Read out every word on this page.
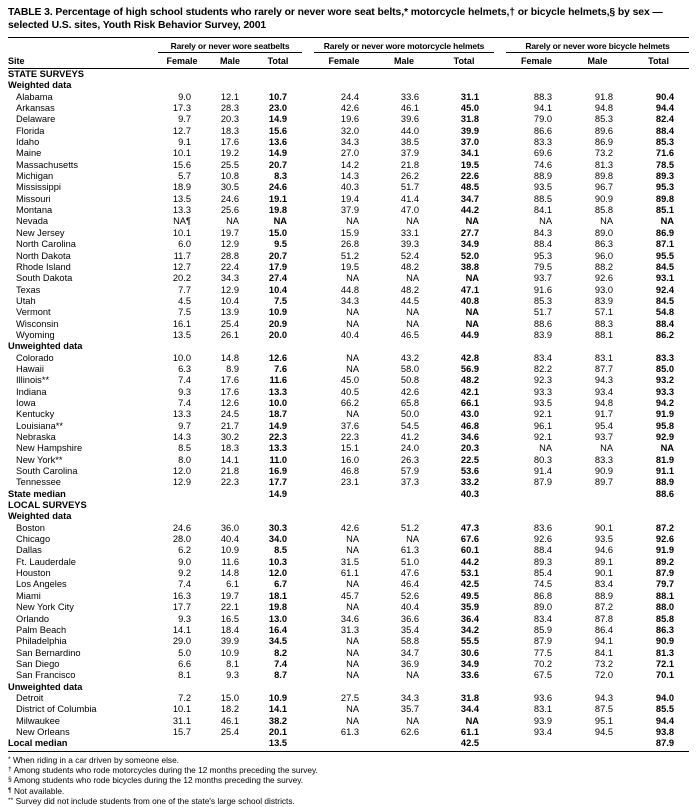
TABLE 3. Percentage of high school students who rarely or never wore seat belts,* motorcycle helmets,† or bicycle helmets,§ by sex — selected U.S. sites, Youth Risk Behavior Survey, 2001
	Rarely or never wore seatbelts				Rarely or never wore motorcycle helmets				Rarely or never wore bicycle helmets		
Site	Female	Male	Total		Female	Male	Total		Female	Male	Total
STATE SURVEYS											
Weighted data											
Alabama	9.0	12.1	10.7		24.4	33.6	31.1		88.3	91.8	90.4
Arkansas	17.3	28.3	23.0		42.6	46.1	45.0		94.1	94.8	94.4
Delaware	9.7	20.3	14.9		19.6	39.6	31.8		79.0	85.3	82.4
Florida	12.7	18.3	15.6		32.0	44.0	39.9		86.6	89.6	88.4
Idaho	9.1	17.6	13.6		34.3	38.5	37.0		83.3	86.9	85.3
Maine	10.1	19.2	14.9		27.0	37.9	34.1		69.6	73.2	71.6
Massachusetts	15.6	25.5	20.7		14.2	21.8	19.5		74.6	81.3	78.5
Michigan	5.7	10.8	8.3		14.3	26.2	22.6		88.9	89.8	89.3
Mississippi	18.9	30.5	24.6		40.3	51.7	48.5		93.5	96.7	95.3
Missouri	13.5	24.6	19.1		19.4	41.4	34.7		88.5	90.9	89.8
Montana	13.3	25.6	19.8		37.9	47.0	44.2		84.1	85.8	85.1
Nevada	NA¶	NA	NA		NA	NA	NA		NA	NA	NA
New Jersey	10.1	19.7	15.0		15.9	33.1	27.7		84.3	89.0	86.9
North Carolina	6.0	12.9	9.5		26.8	39.3	34.9		88.4	86.3	87.1
North Dakota	11.7	28.8	20.7		51.2	52.4	52.0		95.3	96.0	95.5
Rhode Island	12.7	22.4	17.9		19.5	48.2	38.8		79.5	88.2	84.5
South Dakota	20.2	34.3	27.4		NA	NA	NA		93.7	92.6	93.1
Texas	7.7	12.9	10.4		44.8	48.2	47.1		91.6	93.0	92.4
Utah	4.5	10.4	7.5		34.3	44.5	40.8		85.3	83.9	84.5
Vermont	7.5	13.9	10.9		NA	NA	NA		51.7	57.1	54.8
Wisconsin	16.1	25.4	20.9		NA	NA	NA		88.6	88.3	88.4
Wyoming	13.5	26.1	20.0		40.4	46.5	44.9		83.9	88.1	86.2
Unweighted data											
Colorado	10.0	14.8	12.6		NA	43.2	42.8		83.4	83.1	83.3
Hawaii	6.3	8.9	7.6		NA	58.0	56.9		82.2	87.7	85.0
Illinois**	7.4	17.6	11.6		45.0	50.8	48.2		92.3	94.3	93.2
Indiana	9.3	17.6	13.3		40.5	42.6	42.1		93.3	93.4	93.3
Iowa	7.4	12.6	10.0		66.2	65.8	66.1		93.5	94.8	94.2
Kentucky	13.3	24.5	18.7		NA	50.0	43.0		92.1	91.7	91.9
Louisiana**	9.7	21.7	14.9		37.6	54.5	46.8		96.1	95.4	95.8
Nebraska	14.3	30.2	22.3		22.3	41.2	34.6		92.1	93.7	92.9
New Hampshire	8.5	18.3	13.3		15.1	24.0	20.3		NA	NA	NA
New York**	8.0	14.1	11.0		16.0	26.3	22.5		80.3	83.3	81.9
South Carolina	12.0	21.8	16.9		46.8	57.9	53.6		91.4	90.9	91.1
Tennessee	12.9	22.3	17.7		23.1	37.3	33.2		87.9	89.7	88.9
State median			14.9				40.3				88.6
LOCAL SURVEYS											
Weighted data											
Boston	24.6	36.0	30.3		42.6	51.2	47.3		83.6	90.1	87.2
Chicago	28.0	40.4	34.0		NA	NA	67.6		92.6	93.5	92.6
Dallas	6.2	10.9	8.5		NA	61.3	60.1		88.4	94.6	91.9
Ft. Lauderdale	9.0	11.6	10.3		31.5	51.0	44.2		89.3	89.1	89.2
Houston	9.2	14.8	12.0		61.1	47.6	53.1		85.4	90.1	87.9
Los Angeles	7.4	6.1	6.7		NA	46.4	42.5		74.5	83.4	79.7
Miami	16.3	19.7	18.1		45.7	52.6	49.5		86.8	88.9	88.1
New York City	17.7	22.1	19.8		NA	40.4	35.9		89.0	87.2	88.0
Orlando	9.3	16.5	13.0		34.6	36.6	36.4		83.4	87.8	85.8
Palm Beach	14.1	18.4	16.4		31.3	35.4	34.2		85.9	86.4	86.3
Philadelphia	29.0	39.9	34.5		NA	58.8	55.5		87.9	94.1	90.9
San Bernardino	5.0	10.9	8.2		NA	34.7	30.6		77.5	84.1	81.3
San Diego	6.6	8.1	7.4		NA	36.9	34.9		70.2	73.2	72.1
San Francisco	8.1	9.3	8.7		NA	NA	33.6		67.5	72.0	70.1
Unweighted data											
Detroit	7.2	15.0	10.9		27.5	34.3	31.8		93.6	94.3	94.0
District of Columbia	10.1	18.2	14.1		NA	35.7	34.4		83.1	87.5	85.5
Milwaukee	31.1	46.1	38.2		NA	NA	NA		93.9	95.1	94.4
New Orleans	15.7	25.4	20.1		61.3	62.6	61.1		93.4	94.5	93.8
Local median			13.5				42.5				87.9
* When riding in a car driven by someone else.
† Among students who rode motorcycles during the 12 months preceding the survey.
§ Among students who rode bicycles during the 12 months preceding the survey.
¶ Not available.
** Survey did not include students from one of the state's large school districts.
